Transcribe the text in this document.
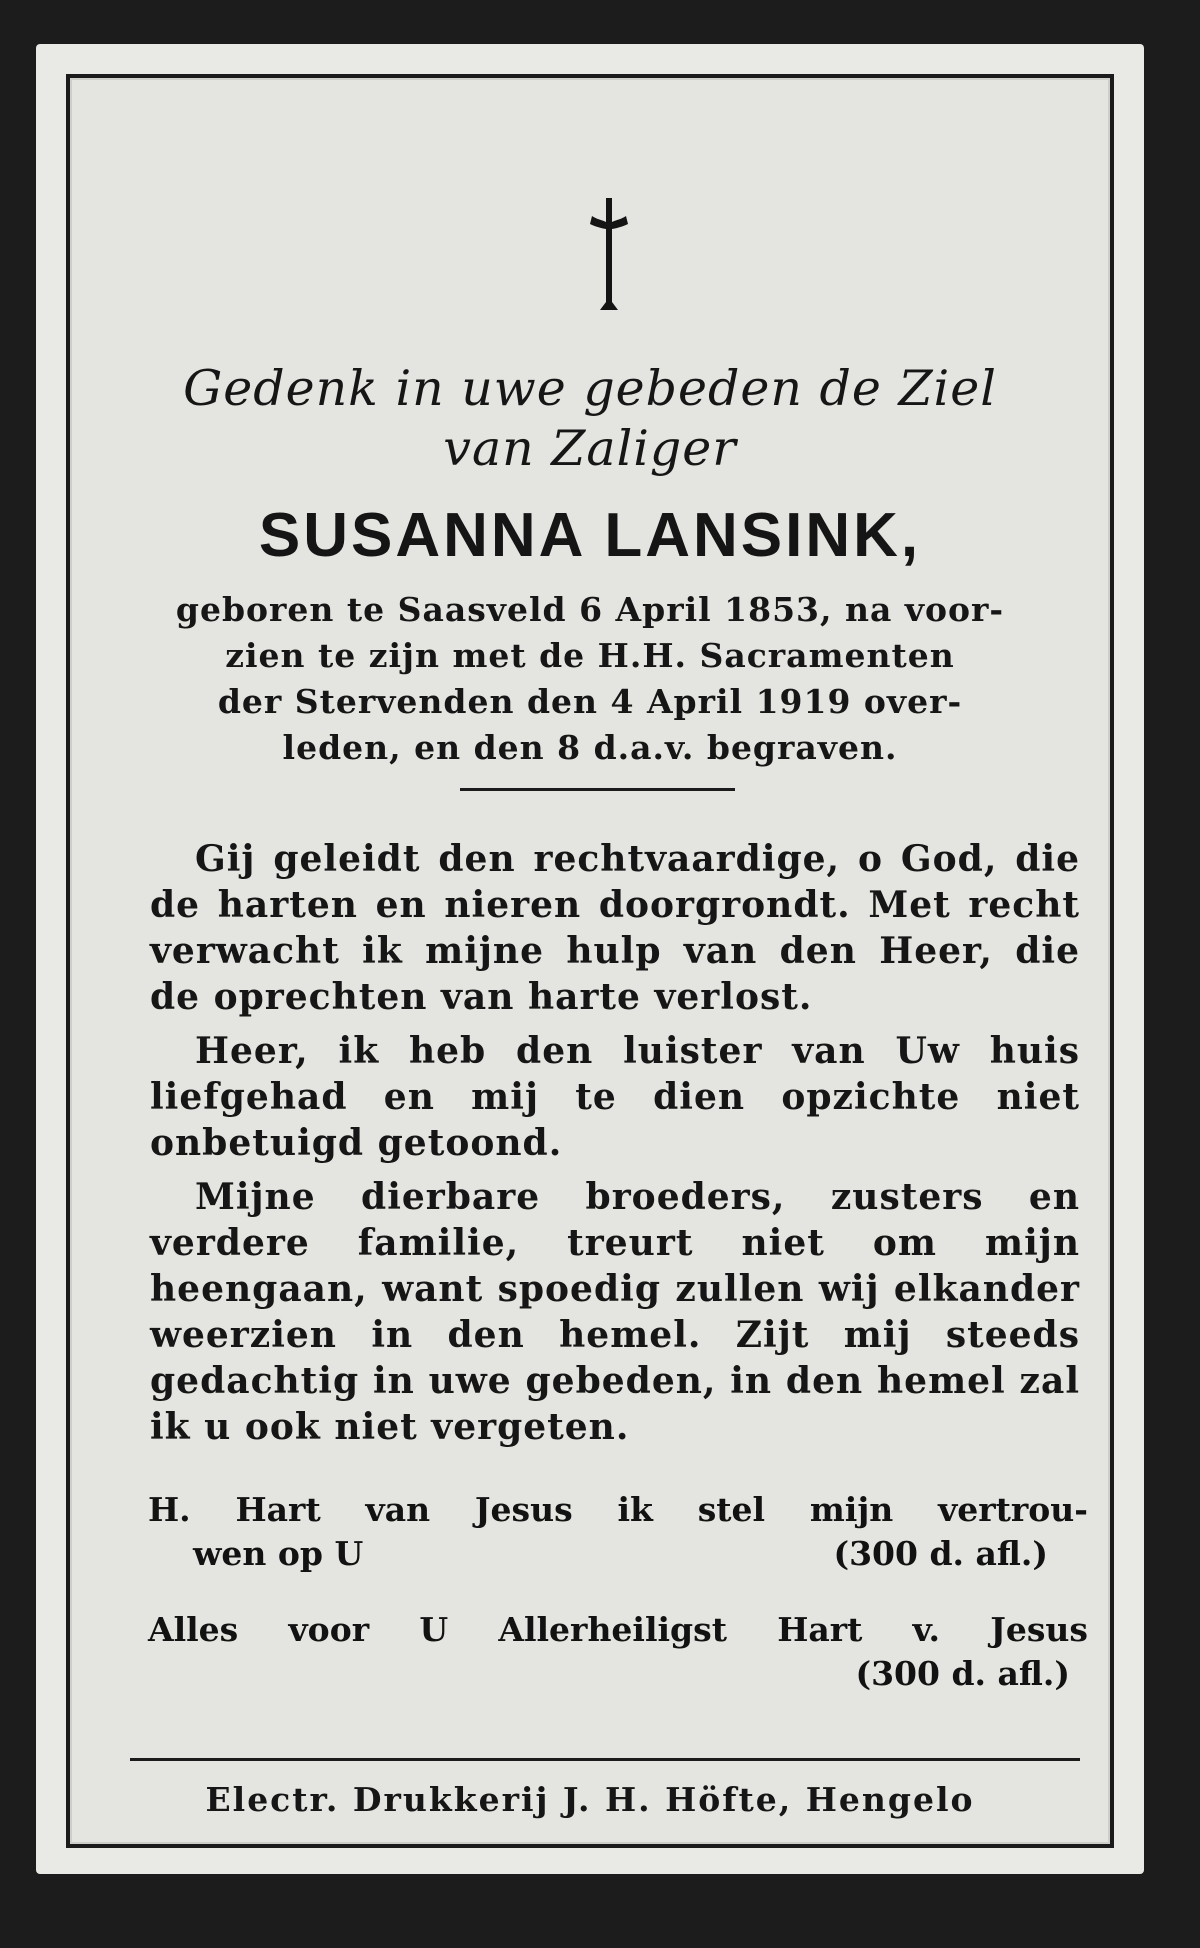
Gedenk in uwe gebeden de Ziel
van Zaliger
SUSANNA LANSINK,
geboren te Saasveld 6 April 1853, na voor-
zien te zijn met de H.H. Sacramenten
der Stervenden den 4 April 1919 over-
leden, en den 8 d.a.v. begraven.

Gij geleidt den rechtvaardige, o God, die de harten en nieren doorgrondt. Met recht verwacht ik mijne hulp van den Heer, die de oprechten van harte verlost.

Heer, ik heb den luister van Uw huis liefgehad en mij te dien opzichte niet onbetuigd getoond.

Mijne dierbare broeders, zusters en verdere familie, treurt niet om mijn heengaan, want spoedig zullen wij elkander weerzien in den hemel. Zijt mij steeds gedachtig in uwe gebeden, in den hemel zal ik u ook niet vergeten.

H. Hart van Jesus ik stel mijn vertrou-
wen op U	(300 d. afl.)
Alles voor U Allerheiligst Hart v. Jesus
(300 d. afl.)
Electr. Drukkerij J. H. Höfte, Hengelo
